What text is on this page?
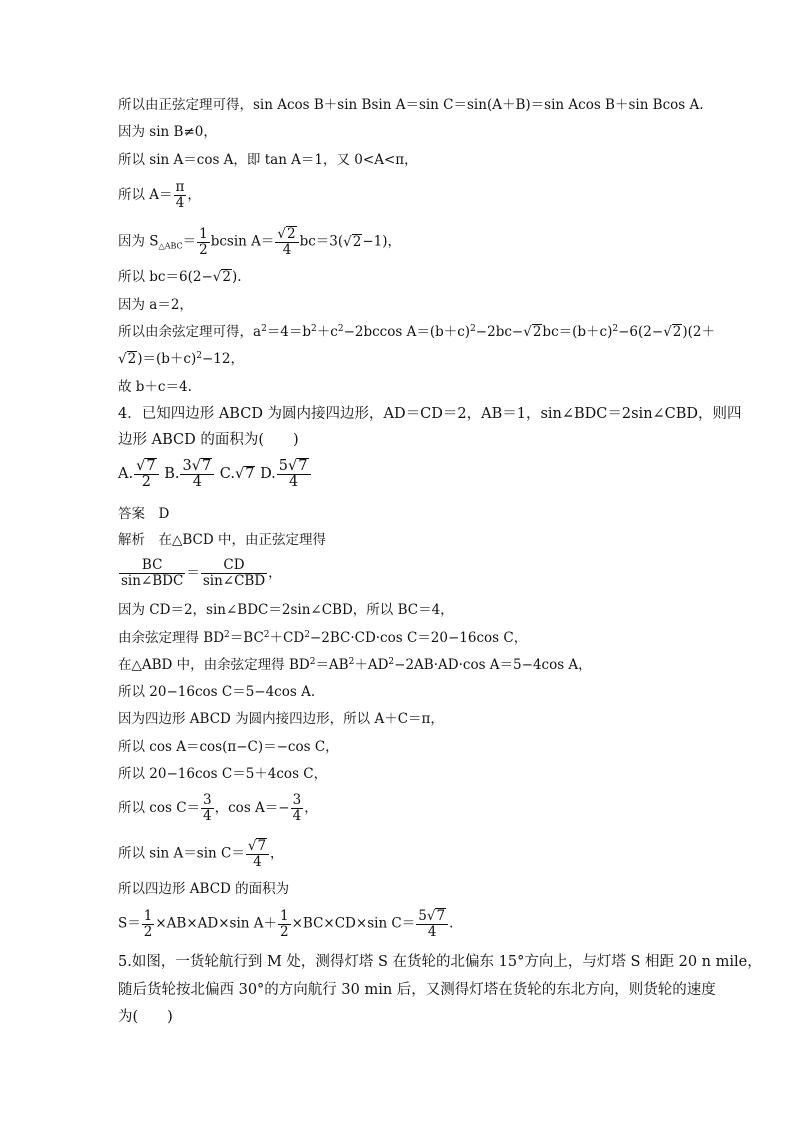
所以由正弦定理可得，sin Acos B＋sin Bsin A＝sin C＝sin(A＋B)＝sin Acos B＋sin Bcos A.
因为 sin B≠0，
所以 sin A＝cos A，即 tan A＝1，又 0<A<π，
所以 $A= \frac{\pi}{4}$ ，
因为 $S_{\triangle ABC}= \frac{1}{2}$ bcsin $A= \frac{√2}{4} bc=3(√2-1)$，
所以 bc＝6(2−√2).
因为 a＝2，
所以由余弦定理可得，$a^2=4=b^2+c^2-2bccos$ $A=(b+c)^2-2bc-√2bc=(b+c)^2-6(2-√2)(2+$
$√2)=(b+c)^2-12$，
故 b＋c＝4.
4．已知四边形 ABCD 为圆内接四边形，AD＝CD＝2，AB＝1，sin∠BDC＝2sin∠CBD，则四
边形 ABCD 的面积为(　　)
A. $\frac{√7}{2} B$. $\frac{3√7}{4} C.√7$ D. $\frac{5√7}{4}$
答案　D
解析　在△BCD 中，由正弦定理得
$\frac{BC}{\text{sin∠BDC}} = \frac{CD}{\text{sin∠CBD}}$ ，
因为 CD＝2，sin∠BDC＝2sin∠CBD，所以 BC＝4，
由余弦定理得 $BD^2=BC^2+CD^2-2BC\cdot CD\cdot\cos$ C＝20−16cos C，
在△ABD 中，由余弦定理得 $BD^2=AB^2+AD^2-2AB\cdot AD\cdot\cos$ A＝5−4cos A，
所以 20−16cos C＝5−4cos A.
因为四边形 ABCD 为圆内接四边形，所以 A＋C＝π，
所以 cos A＝cos(π−C)＝−cos C，
所以 20−16cos C＝5＋4cos C，
所以 $\cos C= \frac{3}{4}$ ，$\cos A=- \frac{3}{4}$ ，
所以 sin A＝sin $C= \frac{√7}{4}$ ，
所以四边形 ABCD 的面积为
$S= \frac{1}{2} \times AB\times AD\times\sin$ $A+ \frac{1}{2} \times BC\times CD\times\sin$ $C= \frac{5√7}{4}$ .
5.如图，一货轮航行到 M 处，测得灯塔 S 在货轮的北偏东 15°方向上，与灯塔 S 相距 20 n mile，
随后货轮按北偏西 30°的方向航行 30 min 后，又测得灯塔在货轮的东北方向，则货轮的速度
为(　　)
